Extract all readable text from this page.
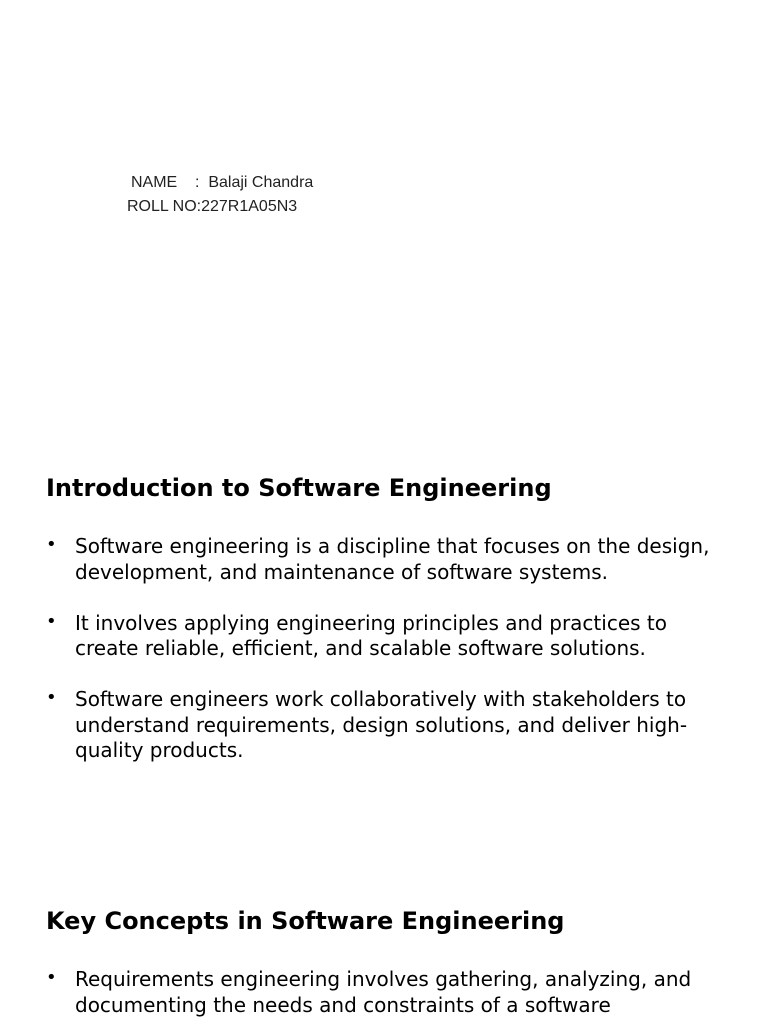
NAME    :  Balaji Chandra
ROLL NO:227R1A05N3
Introduction to Software Engineering
• Software engineering is a discipline that focuses on the design, development, and maintenance of software systems.
• It involves applying engineering principles and practices to create reliable, efficient, and scalable software solutions.
• Software engineers work collaboratively with stakeholders to understand requirements, design solutions, and deliver high-quality products.
Key Concepts in Software Engineering
• Requirements engineering involves gathering, analyzing, and documenting the needs and constraints of a software
